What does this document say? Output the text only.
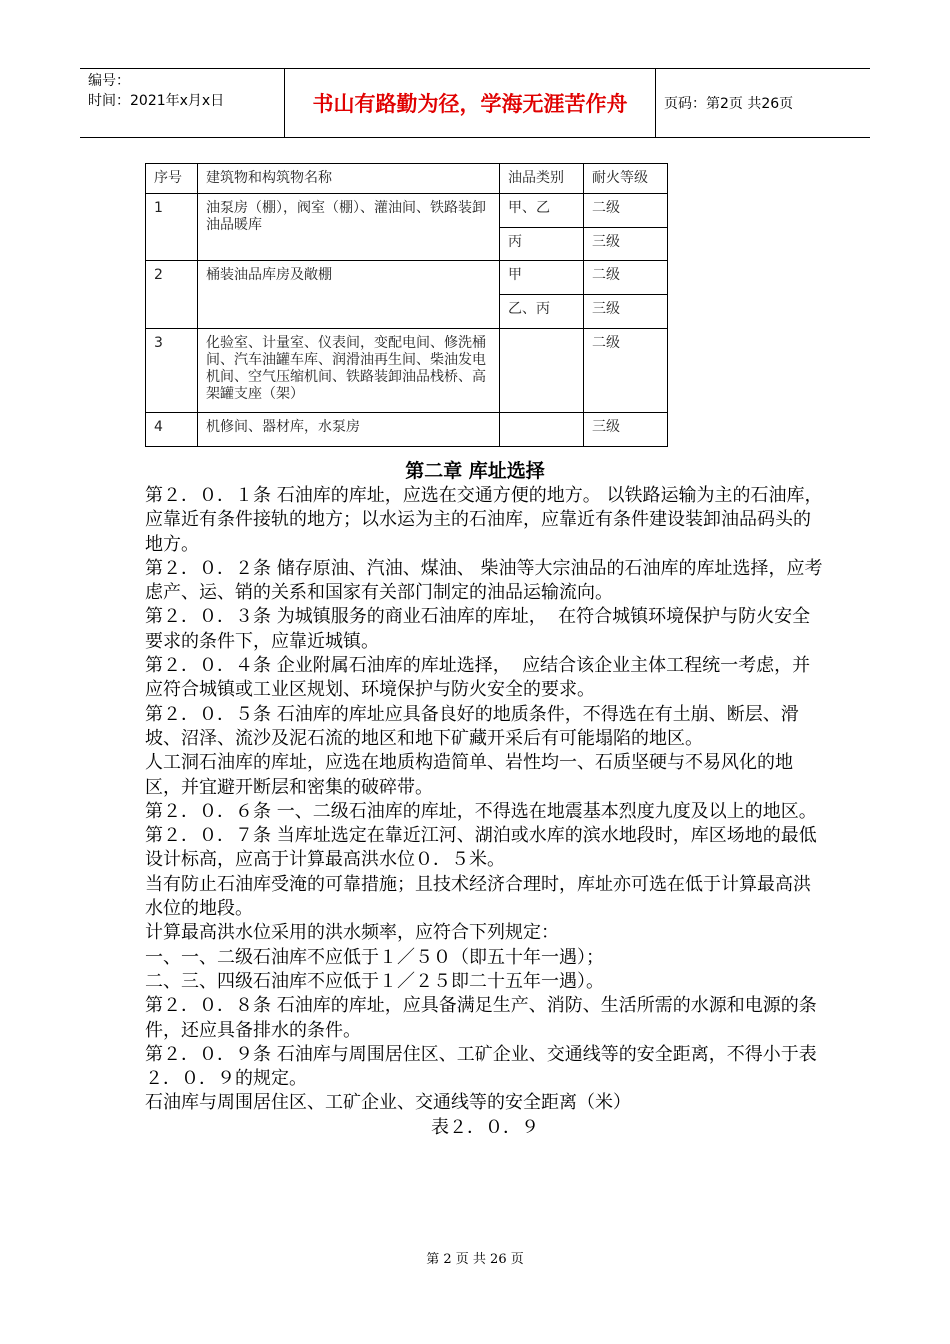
编号：
时间：2021年x月x日	书山有路勤为径，学海无涯苦作舟	页码：第2页 共26页
序号	建筑物和构筑物名称	油品类别	耐火等级
1	油泵房（棚），阀室（棚）、灌油间、铁路装卸油品暖库	甲、乙	二级
		丙	三级
2	桶装油品库房及敞棚	甲	二级
		乙、丙	三级
3	化验室、计量室、仪表间，变配电间、修洗桶间、汽车油罐车库、润滑油再生间、柴油发电机间、空气压缩机间、铁路装卸油品栈桥、高架罐支座（架）		二级
4	机修间、器材库，水泵房		三级
第二章 库址选择

第２．０．１条 石油库的库址，应选在交通方便的地方。 以铁路运输为主的石油库，应靠近有条件接轨的地方；以水运为主的石油库，应靠近有条件建设装卸油品码头的地方。

第２．０．２条 储存原油、汽油、煤油、 柴油等大宗油品的石油库的库址选择，应考虑产、运、销的关系和国家有关部门制定的油品运输流向。

第２．０．３条 为城镇服务的商业石油库的库址，  在符合城镇环境保护与防火安全要求的条件下，应靠近城镇。

第２．０．４条 企业附属石油库的库址选择，  应结合该企业主体工程统一考虑，并应符合城镇或工业区规划、环境保护与防火安全的要求。

第２．０．５条 石油库的库址应具备良好的地质条件，不得选在有土崩、断层、滑坡、沼泽、流沙及泥石流的地区和地下矿藏开采后有可能塌陷的地区。

人工洞石油库的库址，应选在地质构造简单、岩性均一、石质坚硬与不易风化的地区，并宜避开断层和密集的破碎带。

第２．０．６条 一、二级石油库的库址，不得选在地震基本烈度九度及以上的地区。

第２．０．７条 当库址选定在靠近江河、湖泊或水库的滨水地段时，库区场地的最低设计标高，应高于计算最高洪水位０．５米。

当有防止石油库受淹的可靠措施；且技术经济合理时，库址亦可选在低于计算最高洪水位的地段。

计算最高洪水位采用的洪水频率，应符合下列规定：

一、一、二级石油库不应低于１／５０（即五十年一遇）；

二、三、四级石油库不应低于１／２５即二十五年一遇）。

第２．０．８条 石油库的库址，应具备满足生产、消防、生活所需的水源和电源的条件，还应具备排水的条件。

第２．０．９条 石油库与周围居住区、工矿企业、交通线等的安全距离，不得小于表２．０．９的规定。

石油库与周围居住区、工矿企业、交通线等的安全距离（米）

表２．０．９

第 2 页 共 26 页
